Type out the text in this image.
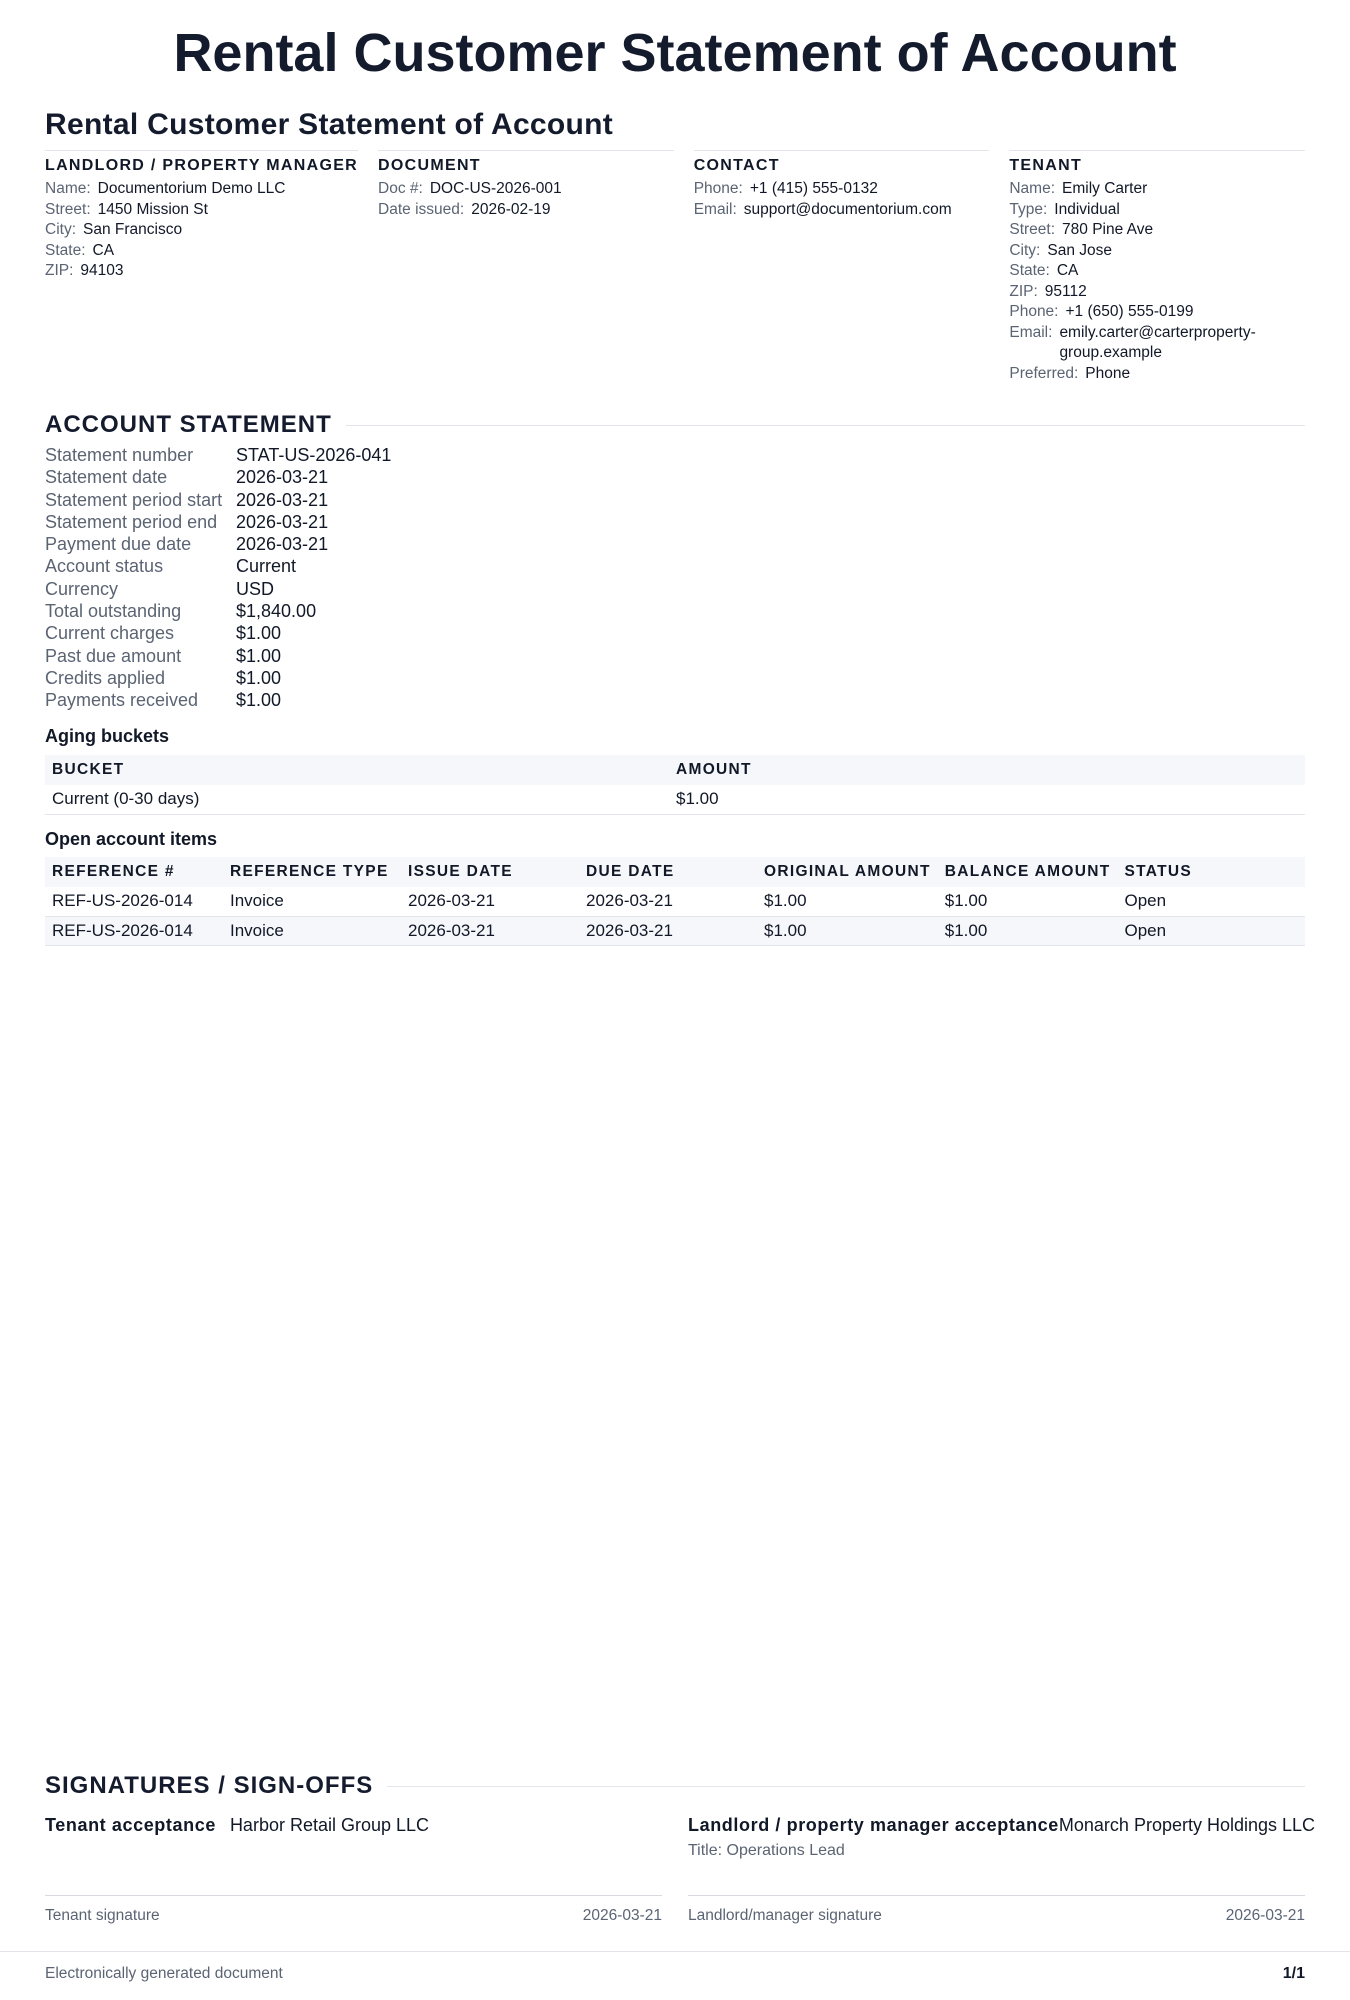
Rental Customer Statement of Account
Rental Customer Statement of Account
LANDLORD / PROPERTY MANAGER
Name: Documentorium Demo LLC
Street: 1450 Mission St
City: San Francisco
State: CA
ZIP: 94103
DOCUMENT
Doc #: DOC-US-2026-001
Date issued: 2026-02-19
CONTACT
Phone: +1 (415) 555-0132
Email: support@documentorium.com
TENANT
Name: Emily Carter
Type: Individual
Street: 780 Pine Ave
City: San Jose
State: CA
ZIP: 95112
Phone: +1 (650) 555-0199
Email: emily.carter@carterproperty-group.example
Preferred: Phone
ACCOUNT STATEMENT
Statement number	STAT-US-2026-041
Statement date	2026-03-21
Statement period start 2026-03-21
Statement period end	2026-03-21
Payment due date	2026-03-21
Account status	Current
Currency	USD
Total outstanding	$1,840.00
Current charges	$1.00
Past due amount	$1.00
Credits applied	$1.00
Payments received	$1.00
Aging buckets
BUCKET	AMOUNT
Current (0-30 days)	$1.00
Open account items
REFERENCE #	REFERENCE TYPE	ISSUE DATE	DUE DATE	ORIGINAL AMOUNT	BALANCE AMOUNT	STATUS
REF-US-2026-014	Invoice	2026-03-21	2026-03-21	$1.00	$1.00	Open
REF-US-2026-014	Invoice	2026-03-21	2026-03-21	$1.00	$1.00	Open
SIGNATURES / SIGN-OFFS
Tenant acceptance Harbor Retail Group LLC
Tenant signature	2026-03-21
Landlord / property manager acceptance Monarch Property Holdings LLC
Title: Operations Lead
Landlord/manager signature	2026-03-21
Electronically generated document	1/1
